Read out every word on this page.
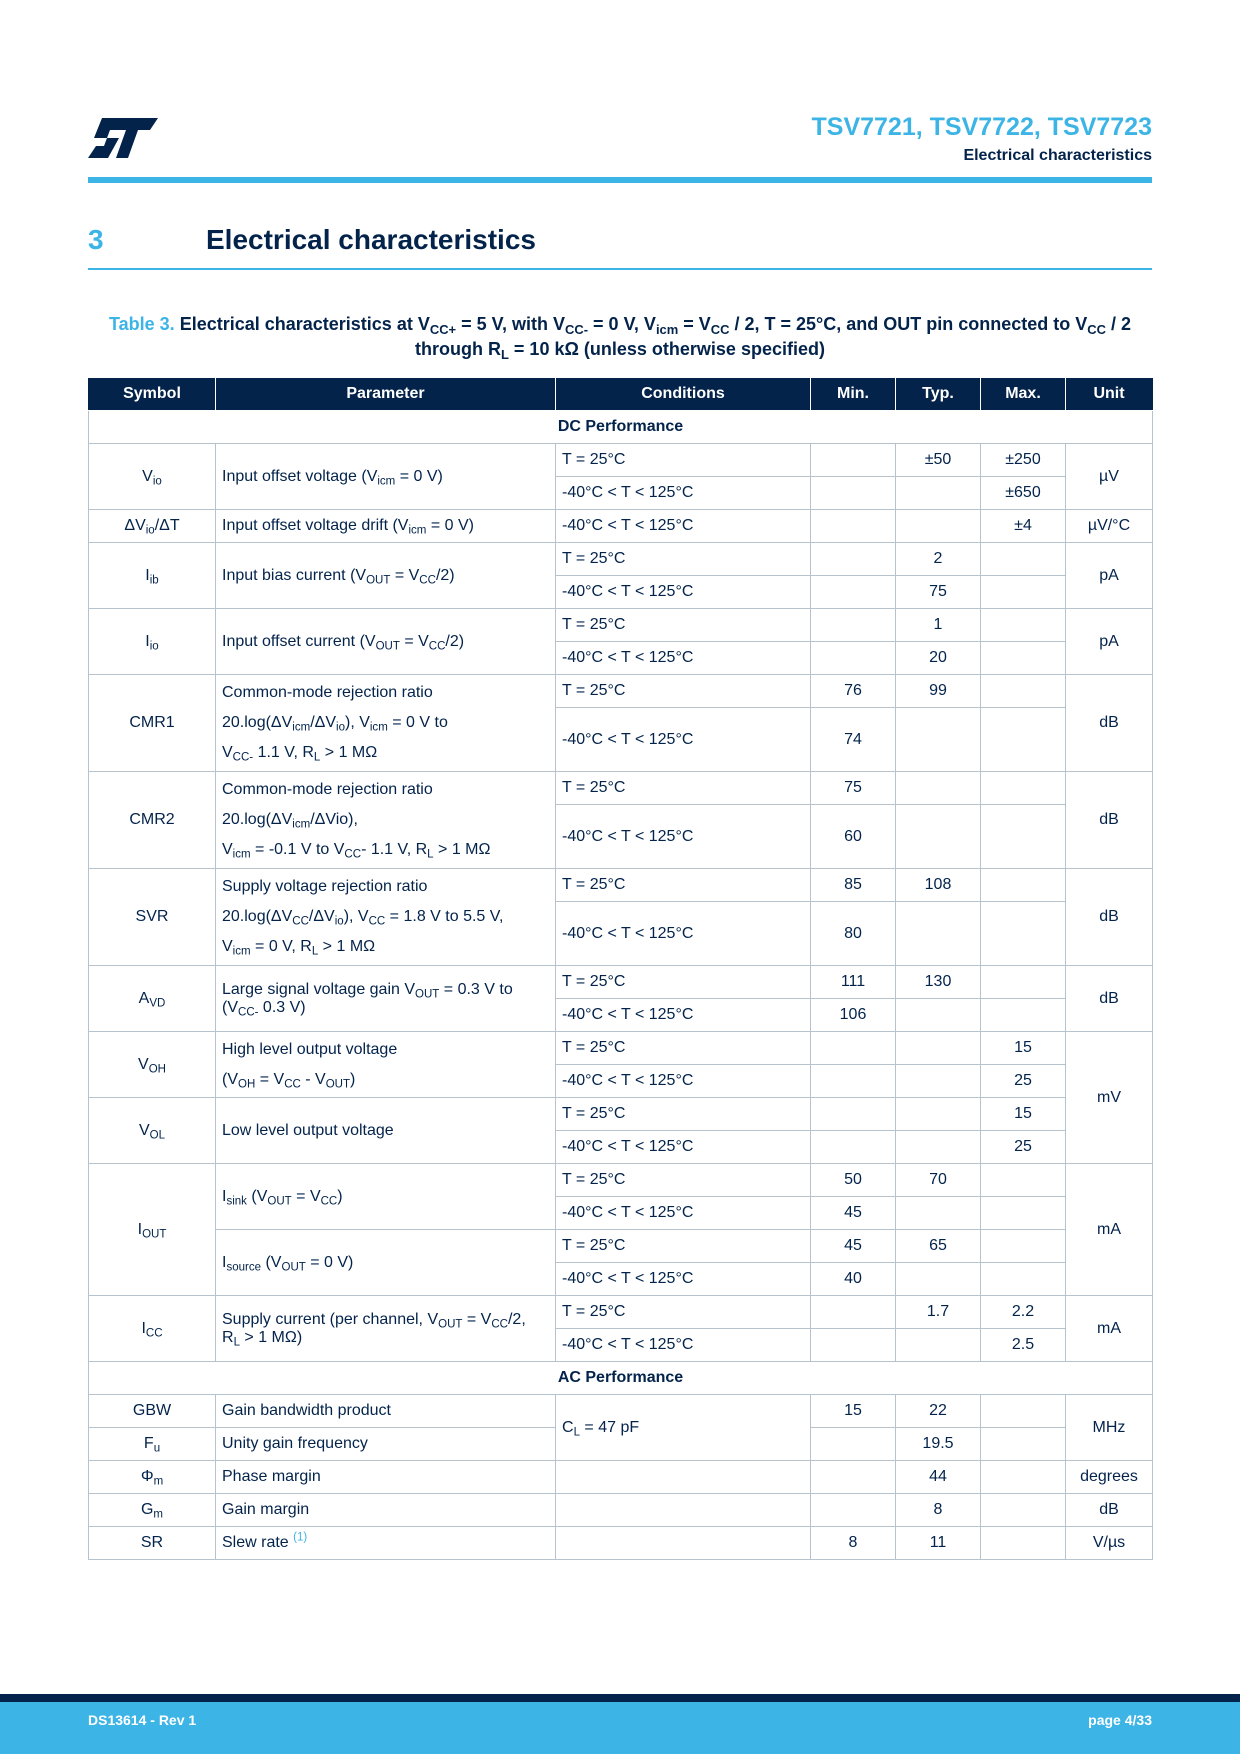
TSV7721, TSV7722, TSV7723
Electrical characteristics
3	Electrical characteristics
Table 3. Electrical characteristics at $V_{CC+} = 5$ V, with $V_{CC-} = 0$ V, $V_{icm} = V_{CC} / 2$, T = 25°C, and OUT pin connected to $V_{CC} / 2$ through $R_L = 10$ kΩ (unless otherwise specified)
Symbol	Parameter	Conditions	Min.	Typ.	Max.	Unit
DC Performance						
$V_{io}$	Input offset voltage ($V_{icm} = 0$ V)	T = 25°C		±50	±250	µV
		-40°C < T < 125°C			±650	
$\Delta V_{io}/\Delta T$	Input offset voltage drift ($V_{icm} = 0$ V)	-40°C < T < 125°C			±4	µV/°C
$I_{ib}$	Input bias current $(V_{OUT} = V_{CC}/2)$	T = 25°C		2		pA
		-40°C < T < 125°C		75		
$I_{io}$	Input offset current $(V_{OUT} = V_{CC}/2)$	T = 25°C		1		pA
		-40°C < T < 125°C		20		
CMR1	Common-mode rejection ratio
$20.\log(\Delta V_{icm}/\Delta V_{io})$, $V_{icm} = 0$ V to
$V_{CC-}$ 1.1 V, $R_L > 1$ MΩ	T = 25°C	76	99		dB
		-40°C < T < 125°C	74			
CMR2	Common-mode rejection ratio
$20.\log(\Delta V_{icm}/\Delta Vio)$,
$V_{icm} = -0.1$ V to $V_{CC}-$ 1.1 V, $R_L > 1$ MΩ	T = 25°C	75			dB
		-40°C < T < 125°C	60			
SVR	Supply voltage rejection ratio
$20.\log(\Delta V_{CC}/\Delta V_{io})$, $V_{CC} = 1.8$ V to 5.5 V,
$V_{icm} = 0$ V, $R_L > 1$ MΩ	T = 25°C	85	108		dB
		-40°C < T < 125°C	80			
$A_{VD}$	Large signal voltage gain $V_{OUT} = 0.3$ V to
($V_{CC-}$ 0.3 V)	T = 25°C	111	130		dB
		-40°C < T < 125°C	106			
$V_{OH}$	High level output voltage
$(V_{OH} = V_{CC} - V_{OUT})$	T = 25°C			15	mV
		-40°C < T < 125°C			25	
$V_{OL}$	Low level output voltage	T = 25°C			15	
		-40°C < T < 125°C			25	
$I_{OUT}$	$I_{sink}$ $(V_{OUT} = V_{CC})$	T = 25°C	50	70		mA
		-40°C < T < 125°C	45			
	$I_{source}$ ($V_{OUT} = 0$ V)	T = 25°C	45	65		
		-40°C < T < 125°C	40			
$I_{CC}$	Supply current (per channel, $V_{OUT} = V_{CC}/2$,
$R_L > 1$ MΩ)	T = 25°C		1.7	2.2	mA
		-40°C < T < 125°C			2.5	
AC Performance						
GBW	Gain bandwidth product	$C_L = 47$ pF	15	22		MHz
$F_u$	Unity gain frequency			19.5		
$\Phi_m$	Phase margin			44		degrees
$G_m$	Gain margin			8		dB
SR	Slew rate $^{(1)}$		8	11		V/µs
DS13614 - Rev 1	page 4/33
